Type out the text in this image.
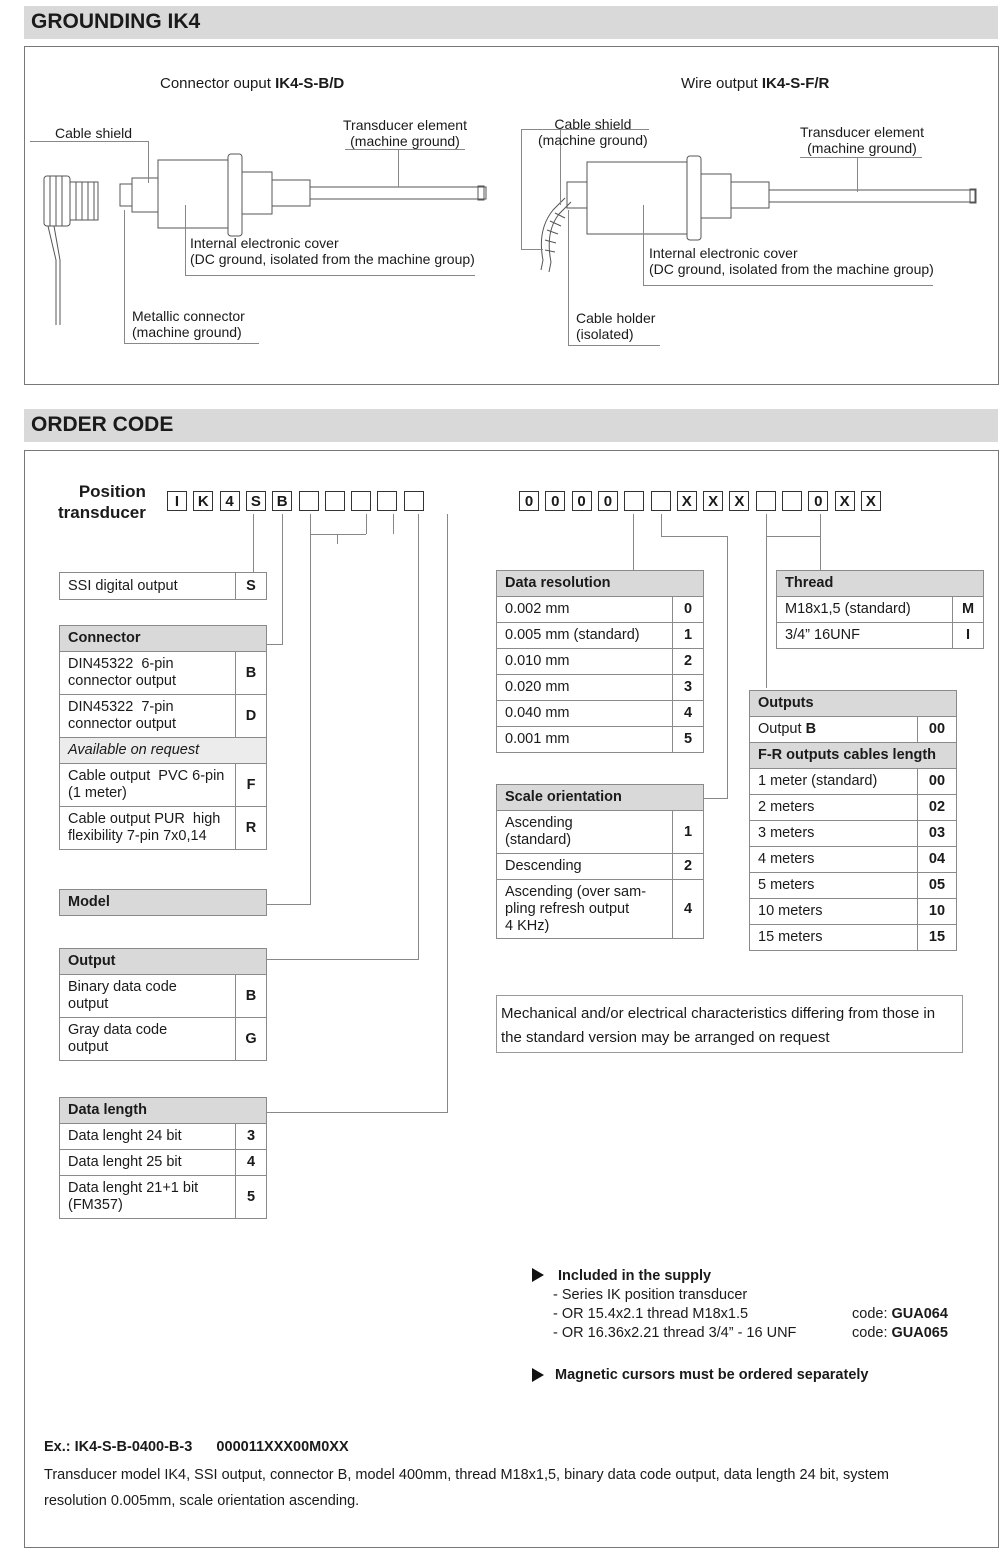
GROUNDING IK4
Connector ouput IK4-S-B/D	Wire output IK4-S-F/R
Cable shield	Transducer element
(machine ground)
Internal electronic cover
(DC ground, isolated from the machine group)
Metallic connector
(machine ground)
Cable shield
(machine ground)	Transducer element
(machine ground)
Internal electronic cover
(DC ground, isolated from the machine group)
Cable holder
(isolated)
ORDER CODE
Position
transducer
I	K	4	S	B	0	0	0	0	X	X	X	0	X	X
SSI digital output	S
Connector	
DIN45322  6-pin
connector output	B
DIN45322  7-pin
connector output	D
Available on request	
Cable output  PVC 6-pin
(1 meter)	F
Cable output PUR  high
flexibility 7-pin 7x0,14	R
Model
Output	
Binary data code
output	B
Gray data code
output	G
Data length	
Data lenght 24 bit	3
Data lenght 25 bit	4
Data lenght 21+1 bit
(FM357)	5
Data resolution	
0.002 mm	0
0.005 mm (standard)	1
0.010 mm	2
0.020 mm	3
0.040 mm	4
0.001 mm	5
Scale orientation	
Ascending
(standard)	1
Descending	2
Ascending (over sam-
pling refresh output
4 KHz)	4
Thread	
M18x1,5 (standard)	M
3/4” 16UNF	I
Outputs	
Output B	00
F-R outputs cables length	
1 meter (standard)	00
2 meters	02
3 meters	03
4 meters	04
5 meters	05
10 meters	10
15 meters	15
Mechanical and/or electrical characteristics differing from those in
the standard version may be arranged on request
Included in the supply
- Series IK position transducer
- OR 15.4x2.1 thread M18x1.5	code: GUA064
- OR 16.36x2.21 thread 3/4” - 16 UNF	code: GUA065
Magnetic cursors must be ordered separately
Ex.: IK4-S-B-0400-B-3      000011XXX00M0XX
Transducer model IK4, SSI output, connector B, model 400mm, thread M18x1,5, binary data code output, data length 24 bit, system
resolution 0.005mm, scale orientation ascending.
